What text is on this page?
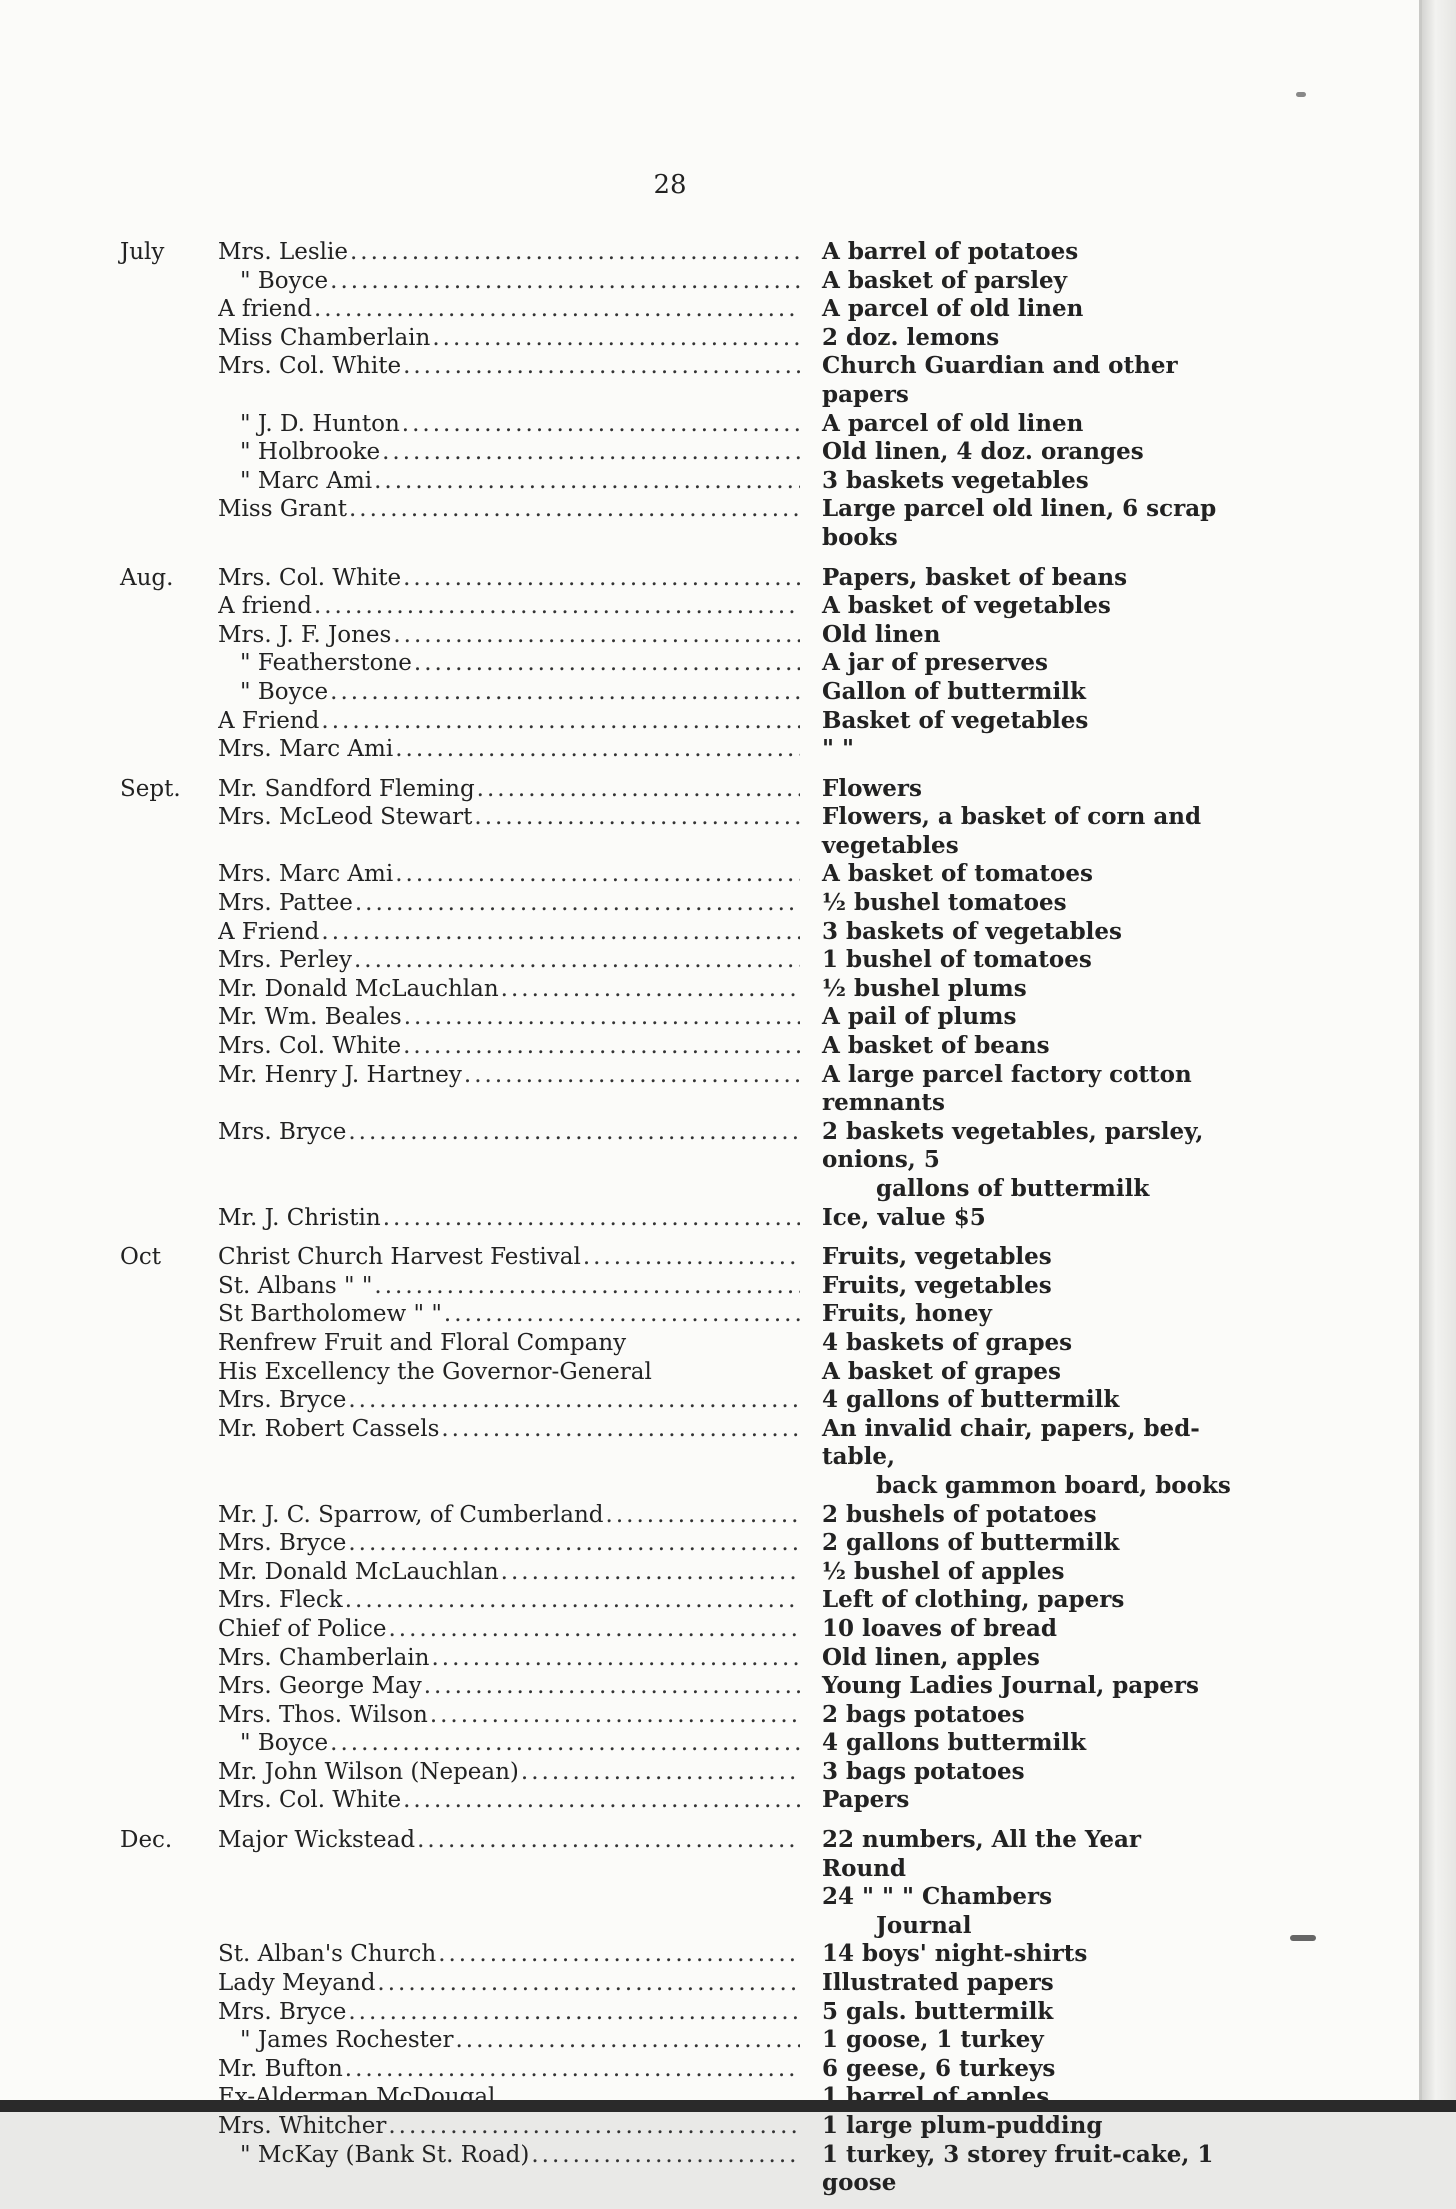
28
July	Mrs. Leslie .....	A barrel of potatoes
" Boyce .....	A basket of parsley
A friend .....	A parcel of old linen
Miss Chamberlain .....	2 doz. lemons
Mrs. Col. White .....	Church Guardian and other papers
" J. D. Hunton .....	A parcel of old linen
" Holbrooke .....	Old linen, 4 doz. oranges
" Marc Ami .....	3 baskets vegetables
Miss Grant .....	Large parcel old linen, 6 scrap books
Aug.	Mrs. Col. White .....	Papers, basket of beans
A friend .....	A basket of vegetables
Mrs. J. F. Jones .....	Old linen
" Featherstone .....	A jar of preserves
" Boyce .....	Gallon of buttermilk
A Friend .....	Basket of vegetables
Mrs. Marc Ami .....	" "
Sept.	Mr. Sandford Fleming .....	Flowers
Mrs. McLeod Stewart .....	Flowers, a basket of corn and vegetables
Mrs. Marc Ami .....	A basket of tomatoes
Mrs. Pattee .....	½ bushel tomatoes
A Friend .....	3 baskets of vegetables
Mrs. Perley .....	1 bushel of tomatoes
Mr. Donald McLauchlan .....	½ bushel plums
Mr. Wm. Beales .....	A pail of plums
Mrs. Col. White .....	A basket of beans
Mr. Henry J. Hartney .....	A large parcel factory cotton remnants
Mrs. Bryce .....	2 baskets vegetables, parsley, onions, 5
gallons of buttermilk
Mr. J. Christin .....	Ice, value $5
Oct	Christ Church Harvest Festival .....	Fruits, vegetables
St. Albans " " .....	Fruits, vegetables
St Bartholomew " " .....	Fruits, honey
Renfrew Fruit and Floral Company	4 baskets of grapes
His Excellency the Governor-General	A basket of grapes
Mrs. Bryce .....	4 gallons of buttermilk
Mr. Robert Cassels .....	An invalid chair, papers, bed-table,
back gammon board, books
Mr. J. C. Sparrow, of Cumberland .....	2 bushels of potatoes
Mrs. Bryce .....	2 gallons of buttermilk
Mr. Donald McLauchlan .....	½ bushel of apples
Mrs. Fleck .....	Left of clothing, papers
Chief of Police .....	10 loaves of bread
Mrs. Chamberlain .....	Old linen, apples
Mrs. George May .....	Young Ladies Journal, papers
Mrs. Thos. Wilson .....	2 bags potatoes
" Boyce .....	4 gallons buttermilk
Mr. John Wilson (Nepean) .....	3 bags potatoes
Mrs. Col. White .....	Papers
Dec.	Major Wickstead .....	22 numbers, All the Year Round
24 " " " Chambers
Journal
St. Alban's Church .....	14 boys' night-shirts
Lady Meyand .....	Illustrated papers
Mrs. Bryce .....	5 gals. buttermilk
" James Rochester .....	1 goose, 1 turkey
Mr. Bufton .....	6 geese, 6 turkeys
Ex-Alderman McDougal .....	1 barrel of apples
Mrs. Whitcher .....	1 large plum-pudding
" McKay (Bank St. Road) .....	1 turkey, 3 storey fruit-cake, 1 goose
